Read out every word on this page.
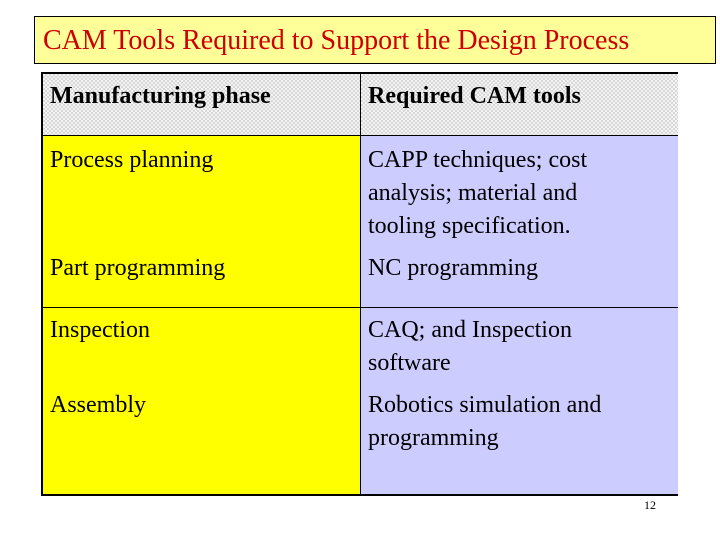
CAM Tools Required to Support the Design Process
Manufacturing phase	Required CAM tools
Process planning	CAPP techniques; cost analysis; material and tooling specification.
Part programming	NC programming
Inspection	CAQ; and Inspection software
Assembly	Robotics simulation and programming
12
